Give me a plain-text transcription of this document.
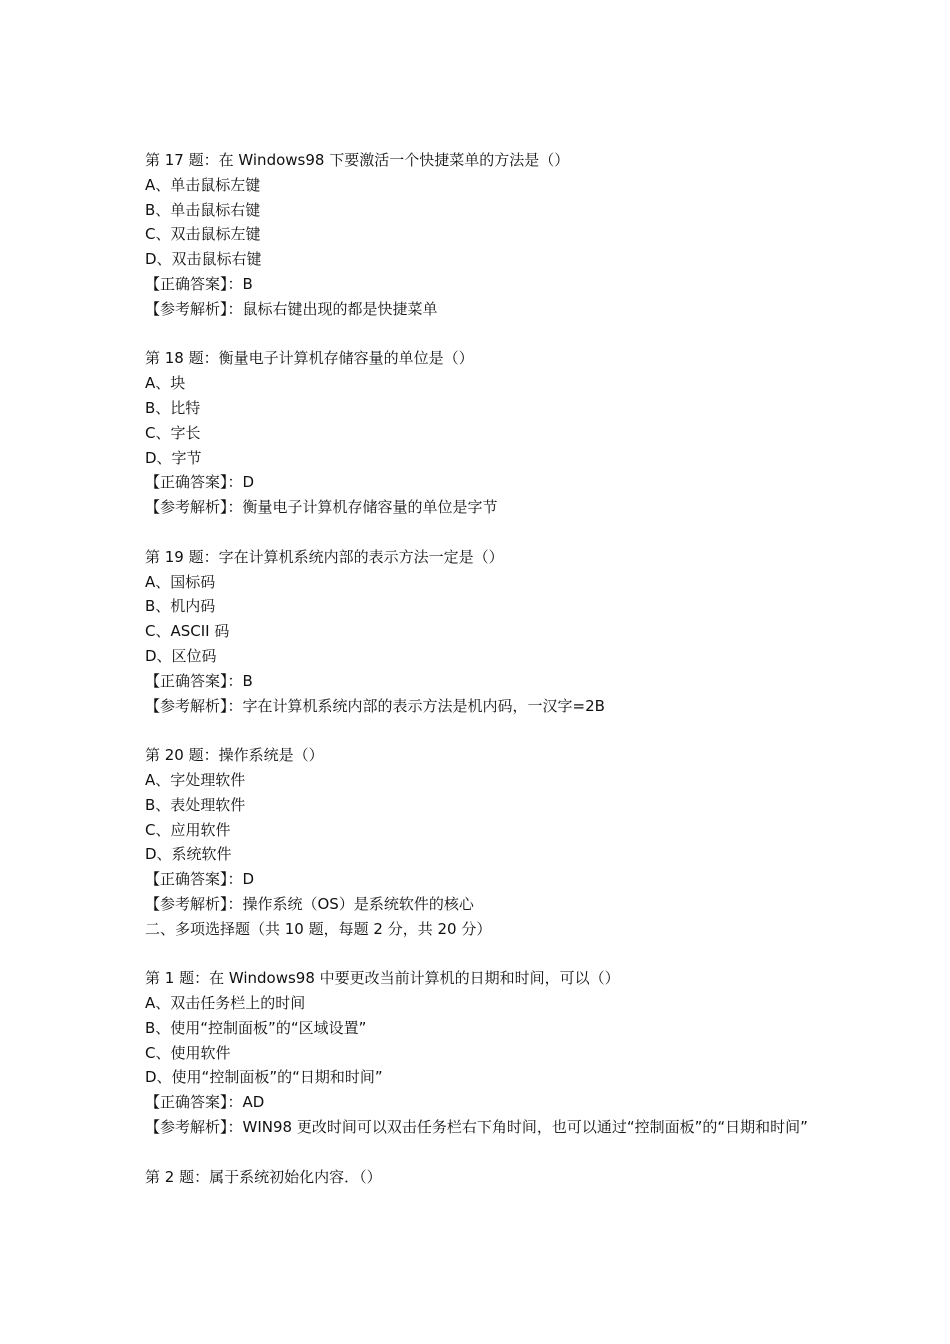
第 17 题：在 Windows98 下要激活一个快捷菜单的方法是（）

A、单击鼠标左键

B、单击鼠标右键

C、双击鼠标左键

D、双击鼠标右键

【正确答案】：B

【参考解析】：鼠标右键出现的都是快捷菜单

第 18 题：衡量电子计算机存储容量的单位是（）

A、块

B、比特

C、字长

D、字节

【正确答案】：D

【参考解析】：衡量电子计算机存储容量的单位是字节

第 19 题：字在计算机系统内部的表示方法一定是（）

A、国标码

B、机内码

C、ASCII 码

D、区位码

【正确答案】：B

【参考解析】：字在计算机系统内部的表示方法是机内码，一汉字=2B

第 20 题：操作系统是（）

A、字处理软件

B、表处理软件

C、应用软件

D、系统软件

【正确答案】：D

【参考解析】：操作系统（OS）是系统软件的核心

二、多项选择题（共 10 题，每题 2 分，共 20 分）

第 1 题：在 Windows98 中要更改当前计算机的日期和时间，可以（）

A、双击任务栏上的时间

B、使用“控制面板”的“区域设置”

C、使用软件

D、使用“控制面板”的“日期和时间”

【正确答案】：AD

【参考解析】：WIN98 更改时间可以双击任务栏右下角时间，也可以通过“控制面板”的“日期和时间”

第 2 题：属于系统初始化内容．（）
